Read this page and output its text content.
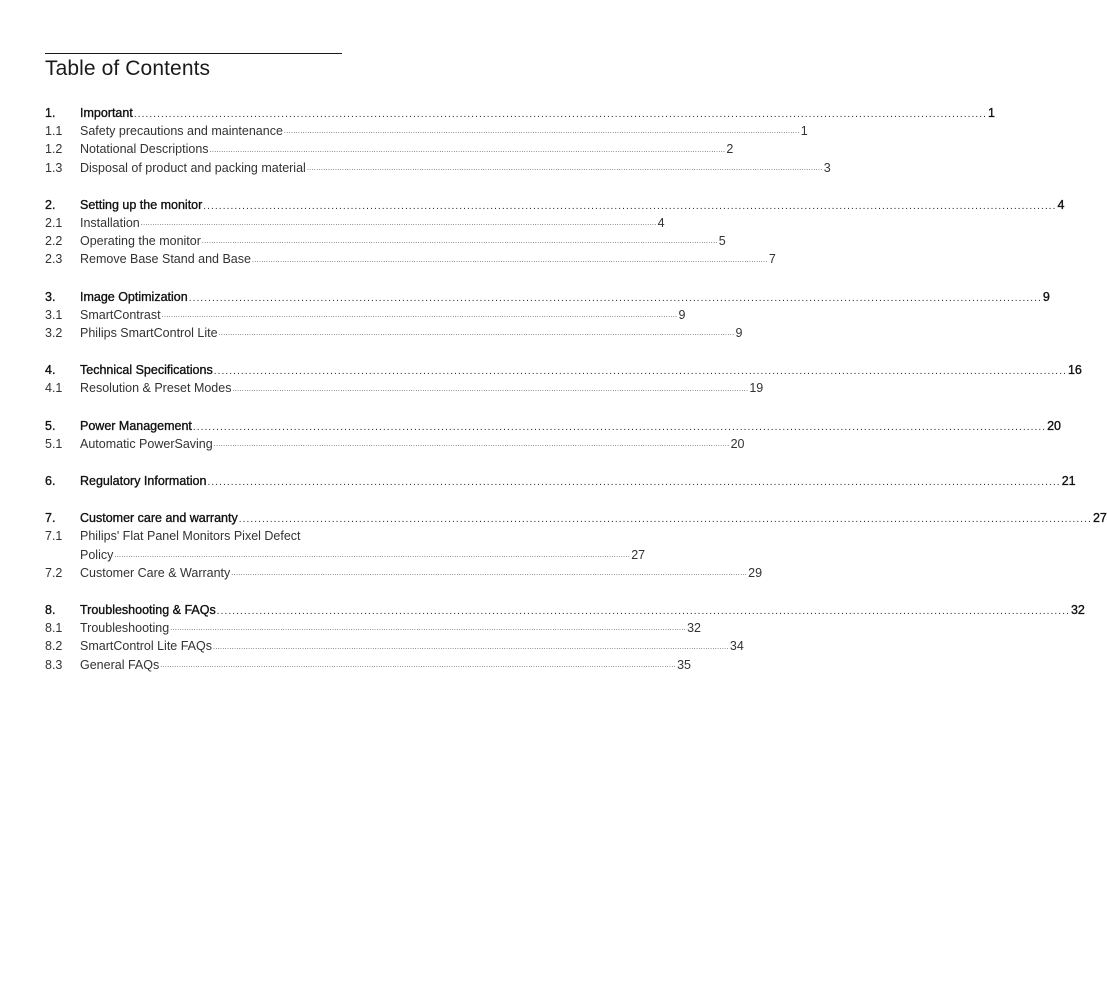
Table of Contents
1.	Important ............................................................................................................................................................................................................................ 1
1.1	Safety precautions and maintenance ............................................................................................................................................................................................................................ 1
1.2	Notational Descriptions ............................................................................................................................................................................................................................ 2
1.3	Disposal of product and packing material ............................................................................................................................................................................................................................ 3
2.	Setting up the monitor ............................................................................................................................................................................................................................ 4
2.1	Installation ............................................................................................................................................................................................................................ 4
2.2	Operating the monitor ............................................................................................................................................................................................................................ 5
2.3	Remove Base Stand and Base ............................................................................................................................................................................................................................ 7
3.	Image Optimization ............................................................................................................................................................................................................................ 9
3.1	SmartContrast ............................................................................................................................................................................................................................ 9
3.2	Philips SmartControl Lite ............................................................................................................................................................................................................................ 9
4.	Technical Specifications ............................................................................................................................................................................................................................ 16
4.1	Resolution & Preset Modes ............................................................................................................................................................................................................................ 19
5.	Power Management ............................................................................................................................................................................................................................ 20
5.1	Automatic PowerSaving ............................................................................................................................................................................................................................ 20
6.	Regulatory Information ............................................................................................................................................................................................................................ 21
7.	Customer care and warranty ............................................................................................................................................................................................................................ 27
7.1	Philips' Flat Panel Monitors Pixel Defect
Policy ............................................................................................................................................................................................................................ 27
7.2	Customer Care & Warranty ............................................................................................................................................................................................................................ 29
8.	Troubleshooting & FAQs ............................................................................................................................................................................................................................ 32
8.1	Troubleshooting ............................................................................................................................................................................................................................ 32
8.2	SmartControl Lite FAQs ............................................................................................................................................................................................................................ 34
8.3	General FAQs ............................................................................................................................................................................................................................ 35
